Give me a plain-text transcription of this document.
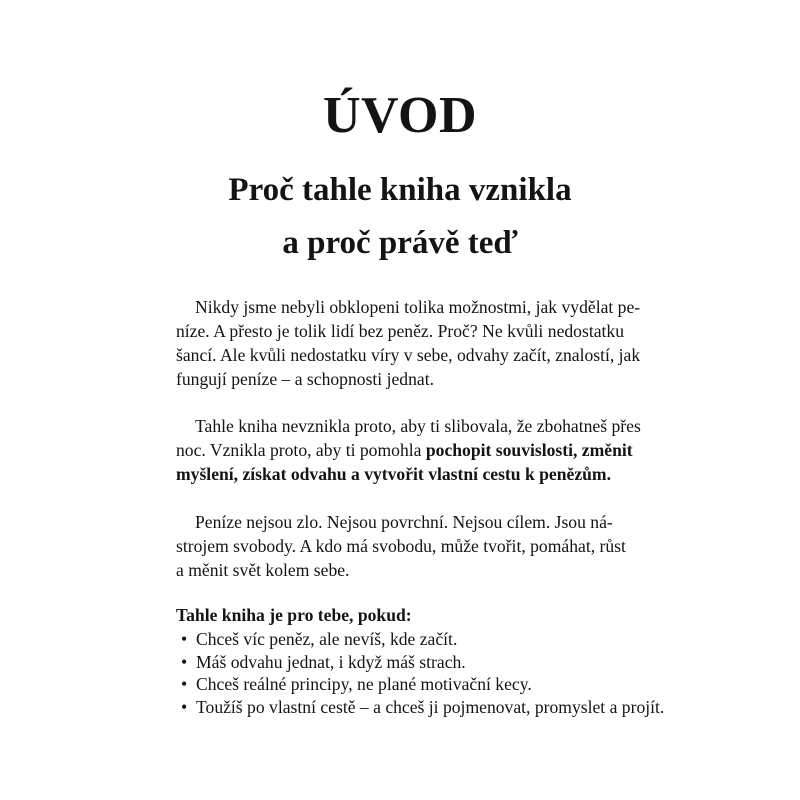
ÚVOD
Proč tahle kniha vznikla
a proč právě teď
Nikdy jsme nebyli obklopeni tolika možnostmi, jak vydělat pe-
níze. A přesto je tolik lidí bez peněz. Proč? Ne kvůli nedostatku
šancí. Ale kvůli nedostatku víry v sebe, odvahy začít, znalostí, jak
fungují peníze – a schopnosti jednat.
Tahle kniha nevznikla proto, aby ti slibovala, že zbohatneš přes
noc. Vznikla proto, aby ti pomohla pochopit souvislosti, změnit
myšlení, získat odvahu a vytvořit vlastní cestu k penězům.
Peníze nejsou zlo. Nejsou povrchní. Nejsou cílem. Jsou ná-
strojem svobody. A kdo má svobodu, může tvořit, pomáhat, růst
a měnit svět kolem sebe.
Tahle kniha je pro tebe, pokud:
• Chceš víc peněz, ale nevíš, kde začít.
• Máš odvahu jednat, i když máš strach.
• Chceš reálné principy, ne plané motivační kecy.
• Toužíš po vlastní cestě – a chceš ji pojmenovat, promyslet a projít.
